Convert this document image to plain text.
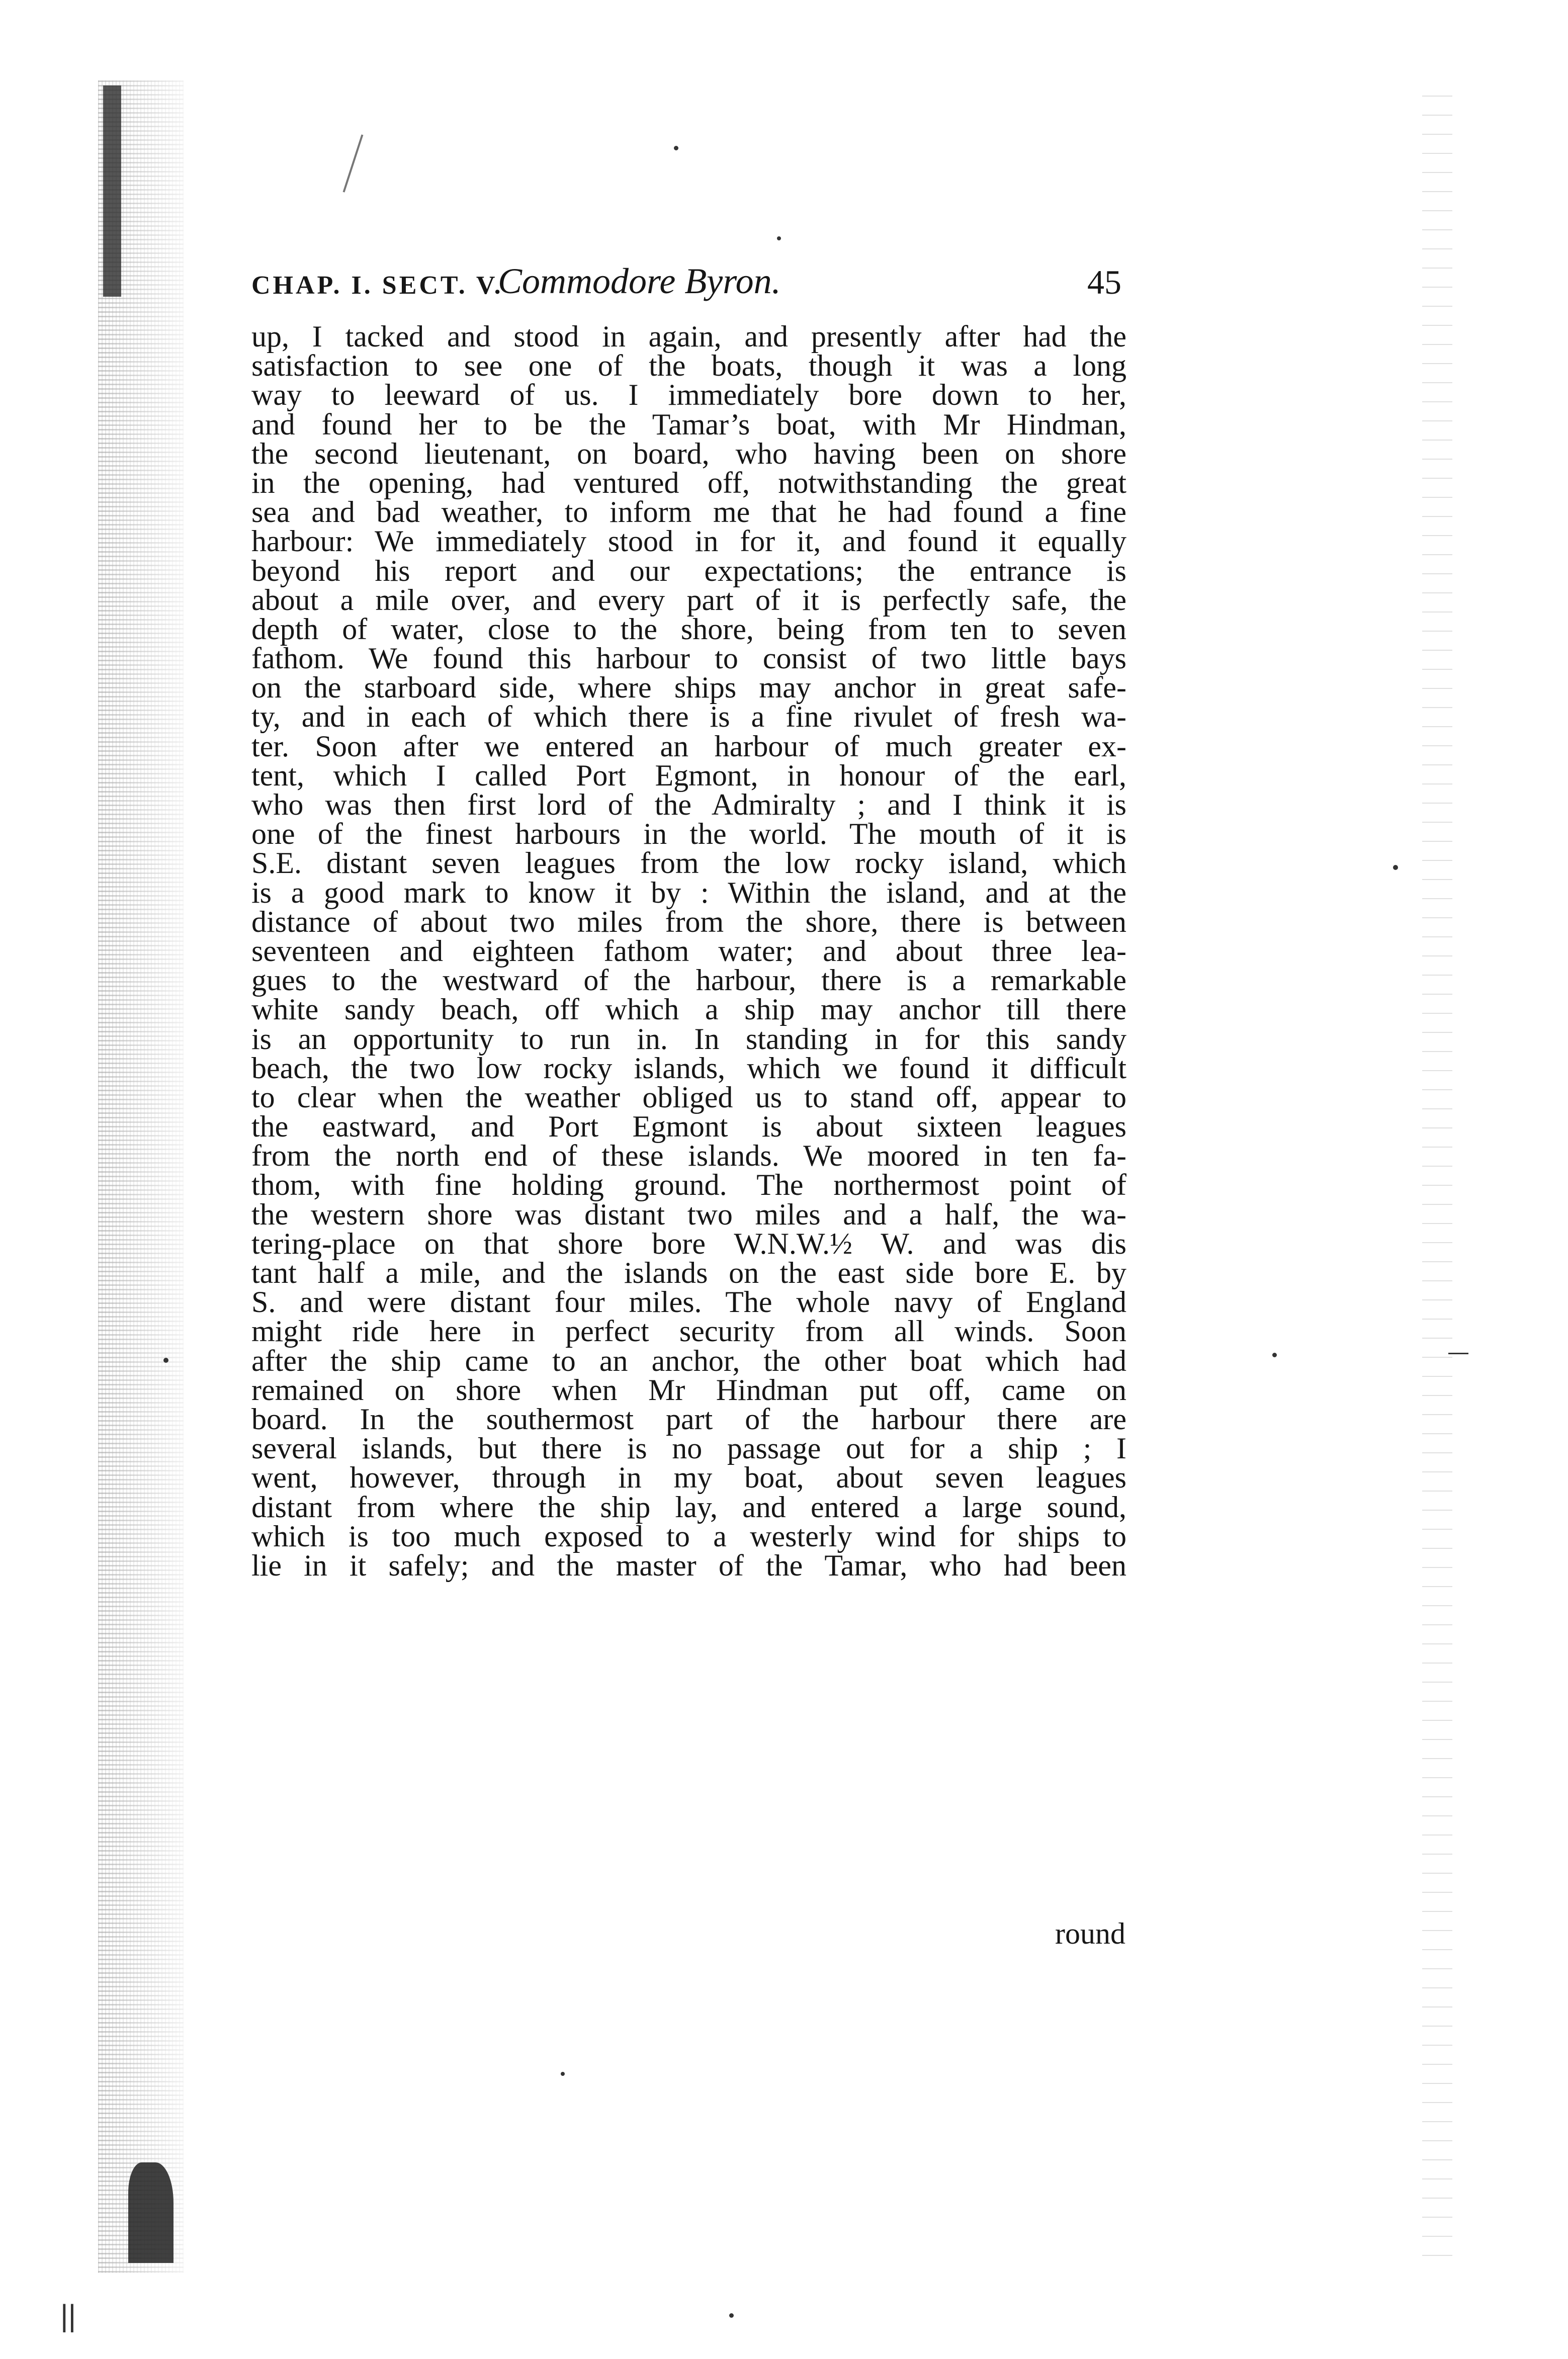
||
CHAP. I. SECT. V.
Commodore Byron.	45
up, I tacked and stood in again, and presently after had the
satisfaction to see one of the boats, though it was a long
way to leeward of us. I immediately bore down to her,
and found her to be the Tamar’s boat, with Mr Hindman,
the second lieutenant, on board, who having been on shore
in the opening, had ventured off, notwithstanding the great
sea and bad weather, to inform me that he had found a fine
harbour: We immediately stood in for it, and found it equally
beyond his report and our expectations; the entrance is
about a mile over, and every part of it is perfectly safe, the
depth of water, close to the shore, being from ten to seven
fathom. We found this harbour to consist of two little bays
on the starboard side, where ships may anchor in great safe-
ty, and in each of which there is a fine rivulet of fresh wa-
ter. Soon after we entered an harbour of much greater ex-
tent, which I called Port Egmont, in honour of the earl,
who was then first lord of the Admiralty ; and I think it is
one of the finest harbours in the world. The mouth of it is
S.E. distant seven leagues from the low rocky island, which
is a good mark to know it by : Within the island, and at the
distance of about two miles from the shore, there is between
seventeen and eighteen fathom water; and about three lea-
gues to the westward of the harbour, there is a remarkable
white sandy beach, off which a ship may anchor till there
is an opportunity to run in. In standing in for this sandy
beach, the two low rocky islands, which we found it difficult
to clear when the weather obliged us to stand off, appear to
the eastward, and Port Egmont is about sixteen leagues
from the north end of these islands. We moored in ten fa-
thom, with fine holding ground. The northermost point of
the western shore was distant two miles and a half, the wa-
tering-place on that shore bore W.N.W.½ W. and was dis
tant half a mile, and the islands on the east side bore E. by
S. and were distant four miles. The whole navy of England
might ride here in perfect security from all winds. Soon
after the ship came to an anchor, the other boat which had
remained on shore when Mr Hindman put off, came on
board. In the southermost part of the harbour there are
several islands, but there is no passage out for a ship ; I
went, however, through in my boat, about seven leagues
distant from where the ship lay, and entered a large sound,
which is too much exposed to a westerly wind for ships to
lie in it safely; and the master of the Tamar, who had been
round
